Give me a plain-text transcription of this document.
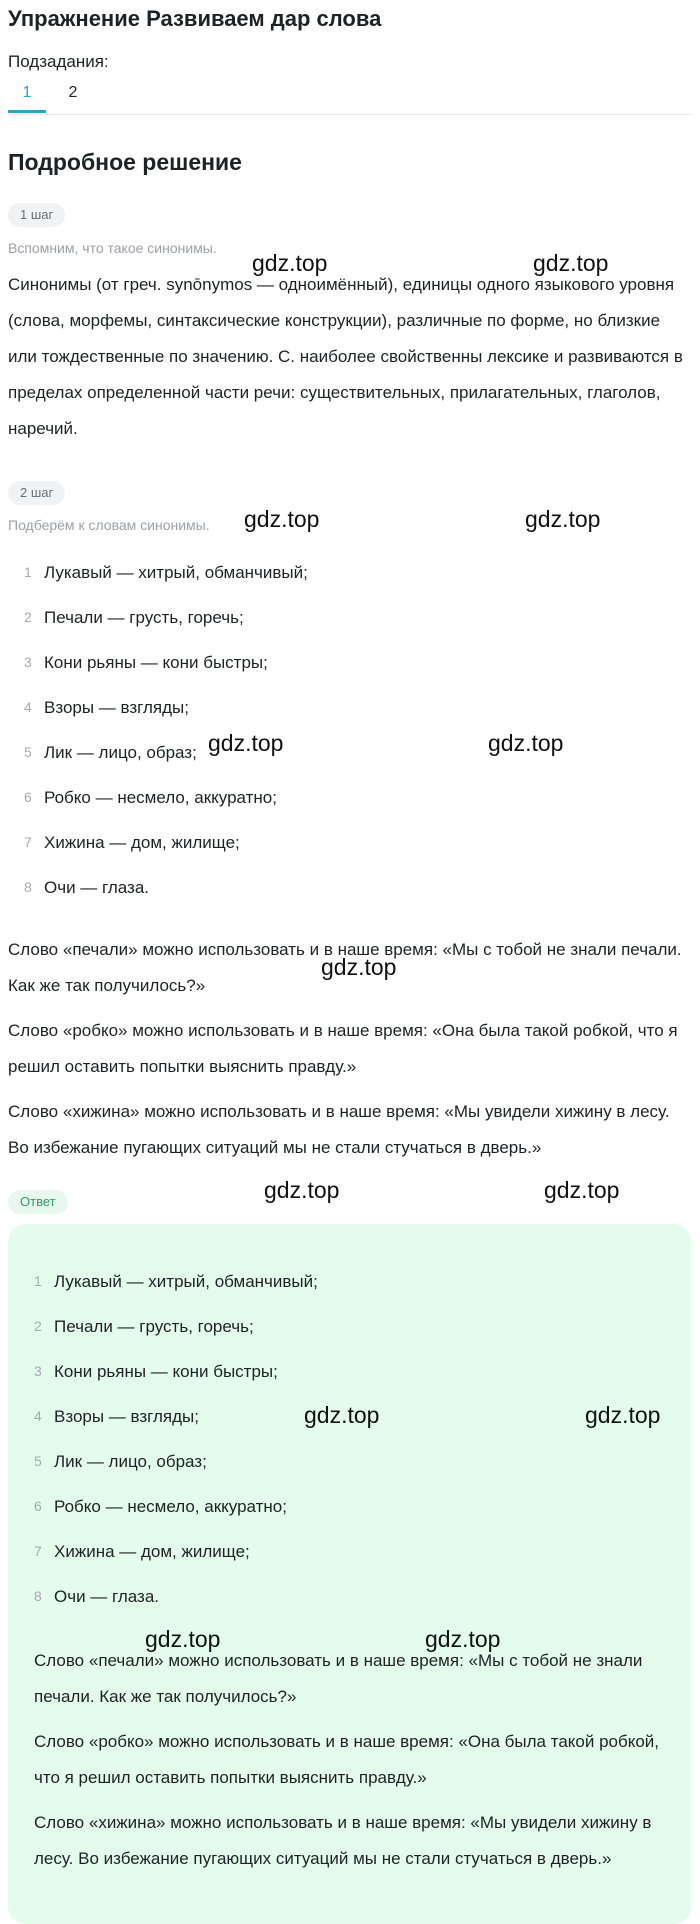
Упражнение Развиваем дар слова
Подзадания:
1	2
Подробное решение
1 шаг
Вспомним, что такое синонимы.

Синонимы (от греч. synōnymos — одноимённый), единицы одного языкового уровня (слова, морфемы, синтаксические конструкции), различные по форме, но близкие или тождественные по значению. С. наиболее свойственны лексике и развиваются в пределах определенной части речи: существительных, прилагательных, глаголов, наречий.

2 шаг
Подберём к словам синонимы.
1 Лукавый — хитрый, обманчивый;
2 Печали — грусть, горечь;
3 Кони рьяны — кони быстры;
4 Взоры — взгляды;
5 Лик — лицо, образ;
6 Робко — несмело, аккуратно;
7 Хижина — дом, жилище;
8 Очи — глаза.

Слово «печали» можно использовать и в наше время: «Мы с тобой не знали печали. Как же так получилось?»

Слово «робко» можно использовать и в наше время: «Она была такой робкой, что я решил оставить попытки выяснить правду.»

Слово «хижина» можно использовать и в наше время: «Мы увидели хижину в лесу. Во избежание пугающих ситуаций мы не стали стучаться в дверь.»

Ответ
1 Лукавый — хитрый, обманчивый;
2 Печали — грусть, горечь;
3 Кони рьяны — кони быстры;
4 Взоры — взгляды;
5 Лик — лицо, образ;
6 Робко — несмело, аккуратно;
7 Хижина — дом, жилище;
8 Очи — глаза.

Слово «печали» можно использовать и в наше время: «Мы с тобой не знали печали. Как же так получилось?»

Слово «робко» можно использовать и в наше время: «Она была такой робкой, что я решил оставить попытки выяснить правду.»

Слово «хижина» можно использовать и в наше время: «Мы увидели хижину в лесу. Во избежание пугающих ситуаций мы не стали стучаться в дверь.»

gdz.top	gdz.top
gdz.top	gdz.top
gdz.top	gdz.top
gdz.top
gdz.top	gdz.top
gdz.top	gdz.top
gdz.top	gdz.top
